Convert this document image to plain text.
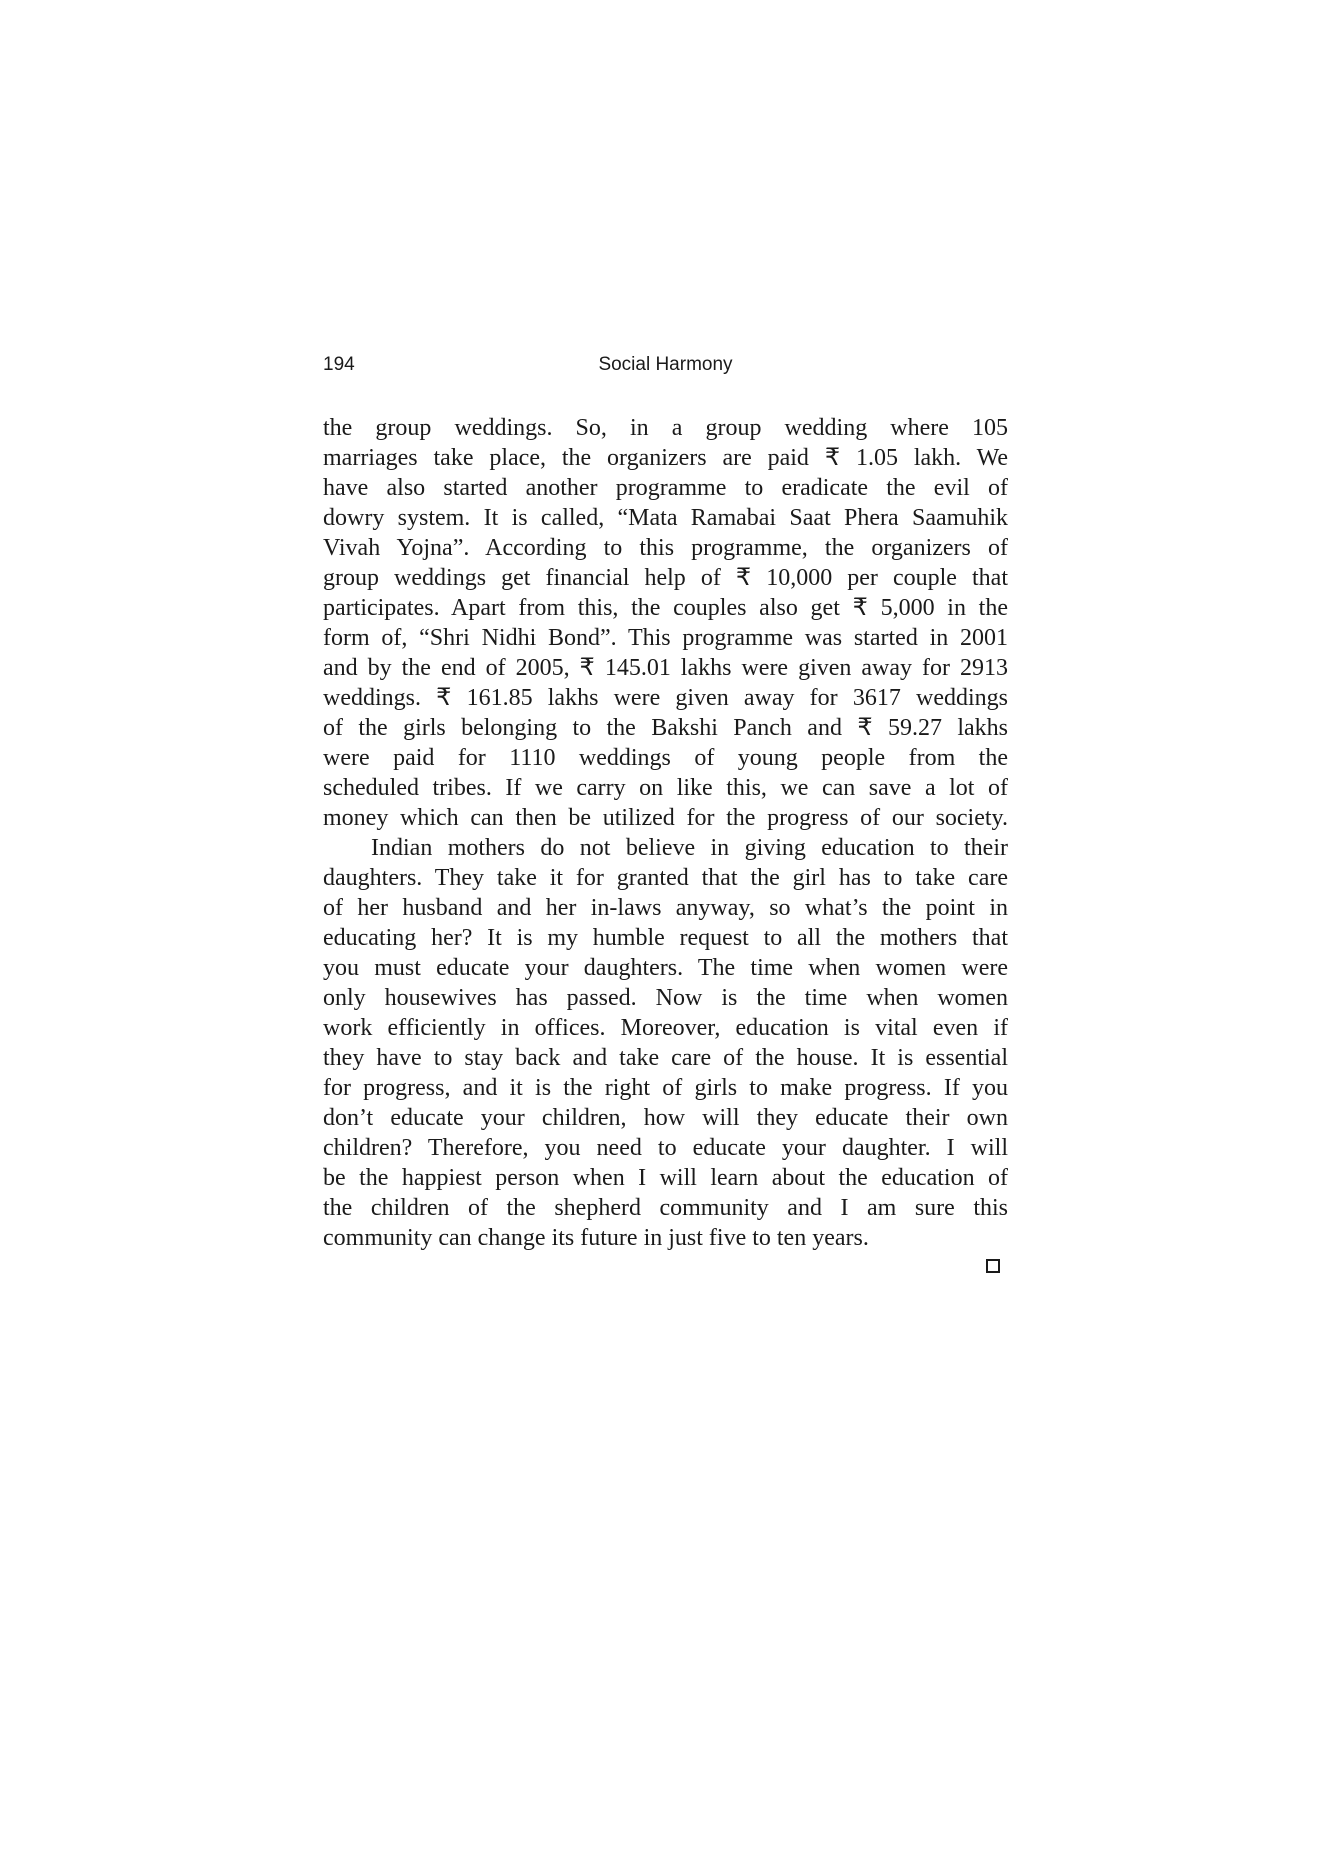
194	Social Harmony
the group weddings. So, in a group wedding where 105
marriages take place, the organizers are paid ₹ 1.05 lakh. We
have also started another programme to eradicate the evil of
dowry system. It is called, “Mata Ramabai Saat Phera Saamuhik
Vivah Yojna”. According to this programme, the organizers of
group weddings get financial help of ₹ 10,000 per couple that
participates. Apart from this, the couples also get ₹ 5,000 in the
form of, “Shri Nidhi Bond”. This programme was started in 2001
and by the end of 2005, ₹ 145.01 lakhs were given away for 2913
weddings. ₹ 161.85 lakhs were given away for 3617 weddings
of the girls belonging to the Bakshi Panch and ₹ 59.27 lakhs
were paid for 1110 weddings of young people from the
scheduled tribes. If we carry on like this, we can save a lot of
money which can then be utilized for the progress of our society.
Indian mothers do not believe in giving education to their
daughters. They take it for granted that the girl has to take care
of her husband and her in-laws anyway, so what’s the point in
educating her? It is my humble request to all the mothers that
you must educate your daughters. The time when women were
only housewives has passed. Now is the time when women
work efficiently in offices. Moreover, education is vital even if
they have to stay back and take care of the house. It is essential
for progress, and it is the right of girls to make progress. If you
don’t educate your children, how will they educate their own
children? Therefore, you need to educate your daughter. I will
be the happiest person when I will learn about the education of
the children of the shepherd community and I am sure this
community can change its future in just five to ten years.
